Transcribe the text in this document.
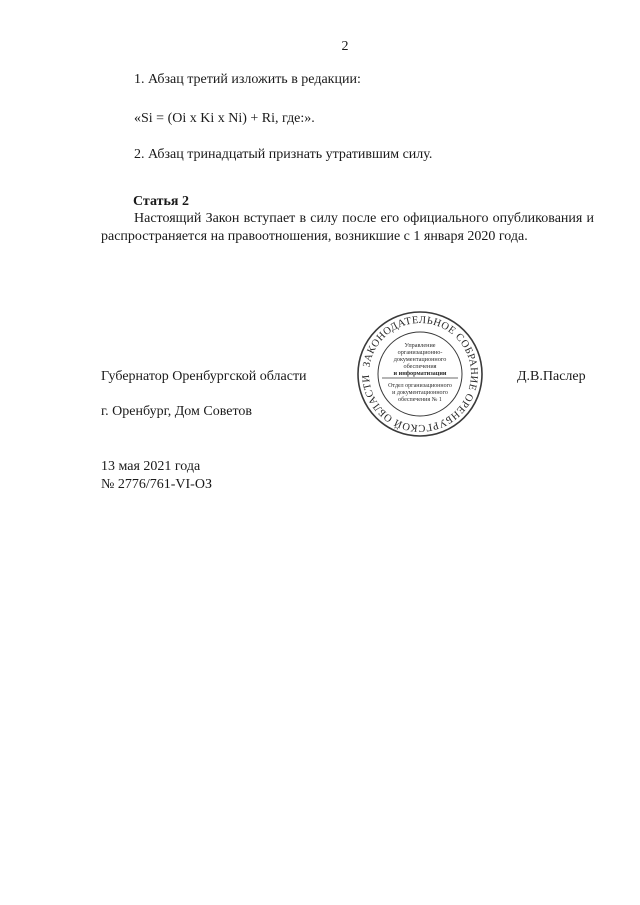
2
1. Абзац третий изложить в редакции:
«Si = (Oi x Ki x Ni) + Ri, где:».
2. Абзац тринадцатый признать утратившим силу.
Статья 2
Настоящий Закон вступает в силу после его официального опубликования и распространяется на правоотношения, возникшие с 1 января 2020 года.
Губернатор Оренбургской области	Д.В.Паслер
г. Оренбург, Дом Советов
13 мая 2021 года
№ 2776/761-VI-ОЗ
ЗАКОНОДАТЕЛЬНОЕ СОБРАНИЕ ОРЕНБУРГСКОЙ ОБЛАСТИ
Управление
организационно-
документационного
обеспечения
и информатизации
Отдел организационного
и документационного
обеспечения № 1
